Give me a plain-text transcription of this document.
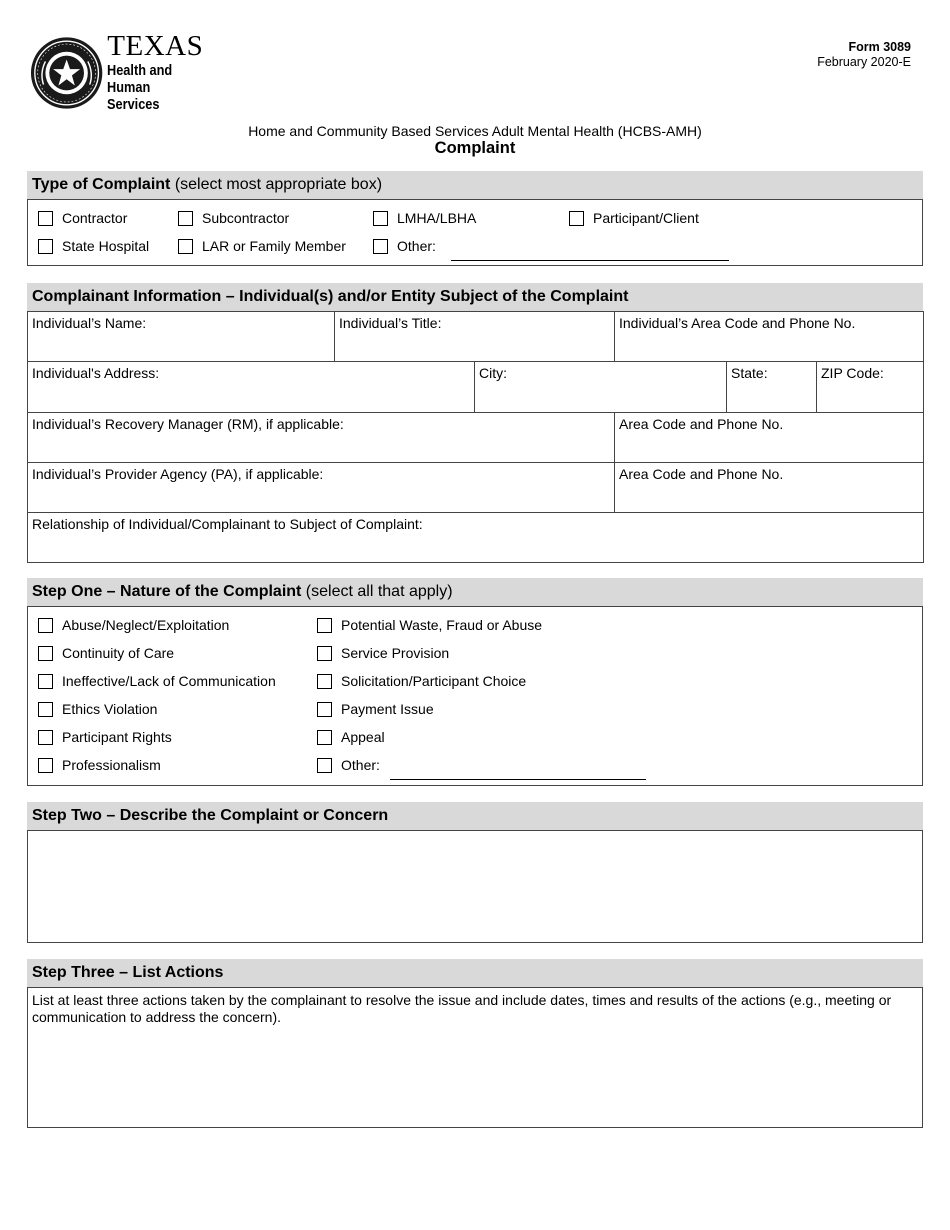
TEXAS
Health and Human
Services
Form 3089
February 2020-E
Home and Community Based Services Adult Mental Health (HCBS-AMH)
Complaint
Type of Complaint (select most appropriate box)
Contractor	Subcontractor	LMHA/LBHA	Participant/Client
State Hospital	LAR or Family Member	Other:
Complainant Information – Individual(s) and/or Entity Subject of the Complaint
Individual’s Name:	Individual’s Title:		Individual’s Area Code and Phone No.		
Individual's Address:		City:		State:	ZIP Code:
Individual’s Recovery Manager (RM), if applicable:			Area Code and Phone No.		
Individual’s Provider Agency (PA), if applicable:			Area Code and Phone No.		
Relationship of Individual/Complainant to Subject of Complaint:					
Step One – Nature of the Complaint (select all that apply)
Abuse/Neglect/Exploitation
Continuity of Care
Ineffective/Lack of Communication
Ethics Violation
Participant Rights
Professionalism
Potential Waste, Fraud or Abuse
Service Provision
Solicitation/Participant Choice
Payment Issue
Appeal
Other:
Step Two – Describe the Complaint or Concern
Step Three – List Actions
List at least three actions taken by the complainant to resolve the issue and include dates, times and results of the actions (e.g., meeting or communication to address the concern).
